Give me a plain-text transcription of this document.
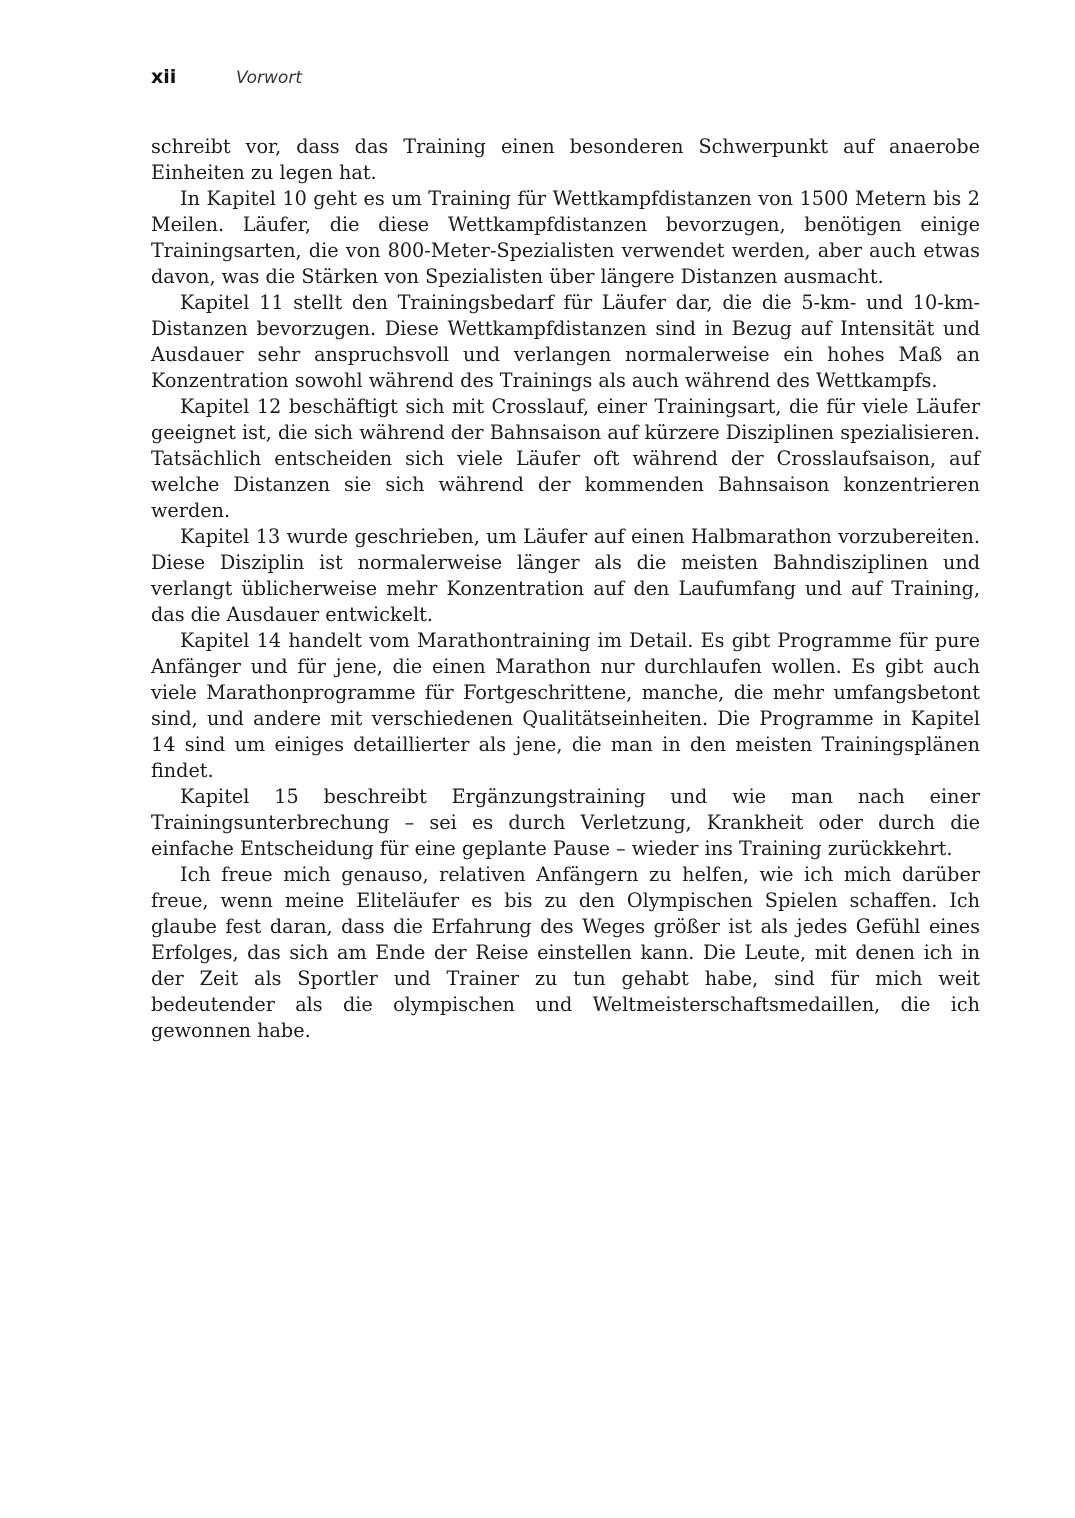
xii	Vorwort

schreibt vor, dass das Training einen besonderen Schwerpunkt auf anaerobe Einheiten zu legen hat.

In Kapitel 10 geht es um Training für Wettkampfdistanzen von 1500 Metern bis 2 Meilen. Läufer, die diese Wettkampfdistanzen bevorzugen, benötigen einige Trainingsarten, die von 800-Meter-Spezialisten verwendet werden, aber auch etwas davon, was die Stärken von Spezialisten über längere Distanzen ausmacht.

Kapitel 11 stellt den Trainingsbedarf für Läufer dar, die die 5-km- und 10-km-Distanzen bevorzugen. Diese Wettkampfdistanzen sind in Bezug auf Intensität und Ausdauer sehr anspruchsvoll und verlangen normalerweise ein hohes Maß an Konzentration sowohl während des Trainings als auch während des Wettkampfs.

Kapitel 12 beschäftigt sich mit Crosslauf, einer Trainingsart, die für viele Läufer geeignet ist, die sich während der Bahnsaison auf kürzere Disziplinen spezialisieren. Tatsächlich entscheiden sich viele Läufer oft während der Crosslaufsaison, auf welche Distanzen sie sich während der kommenden Bahnsaison konzentrieren werden.

Kapitel 13 wurde geschrieben, um Läufer auf einen Halbmarathon vorzubereiten. Diese Disziplin ist normalerweise länger als die meisten Bahndisziplinen und verlangt üblicherweise mehr Konzentration auf den Laufumfang und auf Training, das die Ausdauer entwickelt.

Kapitel 14 handelt vom Marathontraining im Detail. Es gibt Programme für pure Anfänger und für jene, die einen Marathon nur durchlaufen wollen. Es gibt auch viele Marathonprogramme für Fortgeschrittene, manche, die mehr umfangsbetont sind, und andere mit verschiedenen Qualitätseinheiten. Die Programme in Kapitel 14 sind um einiges detaillierter als jene, die man in den meisten Trainingsplänen findet.

Kapitel 15 beschreibt Ergänzungstraining und wie man nach einer Trainingsunterbrechung – sei es durch Verletzung, Krankheit oder durch die einfache Entscheidung für eine geplante Pause – wieder ins Training zurückkehrt.

Ich freue mich genauso, relativen Anfängern zu helfen, wie ich mich darüber freue, wenn meine Eliteläufer es bis zu den Olympischen Spielen schaffen. Ich glaube fest daran, dass die Erfahrung des Weges größer ist als jedes Gefühl eines Erfolges, das sich am Ende der Reise einstellen kann. Die Leute, mit denen ich in der Zeit als Sportler und Trainer zu tun gehabt habe, sind für mich weit bedeutender als die olympischen und Weltmeisterschaftsmedaillen, die ich gewonnen habe.
